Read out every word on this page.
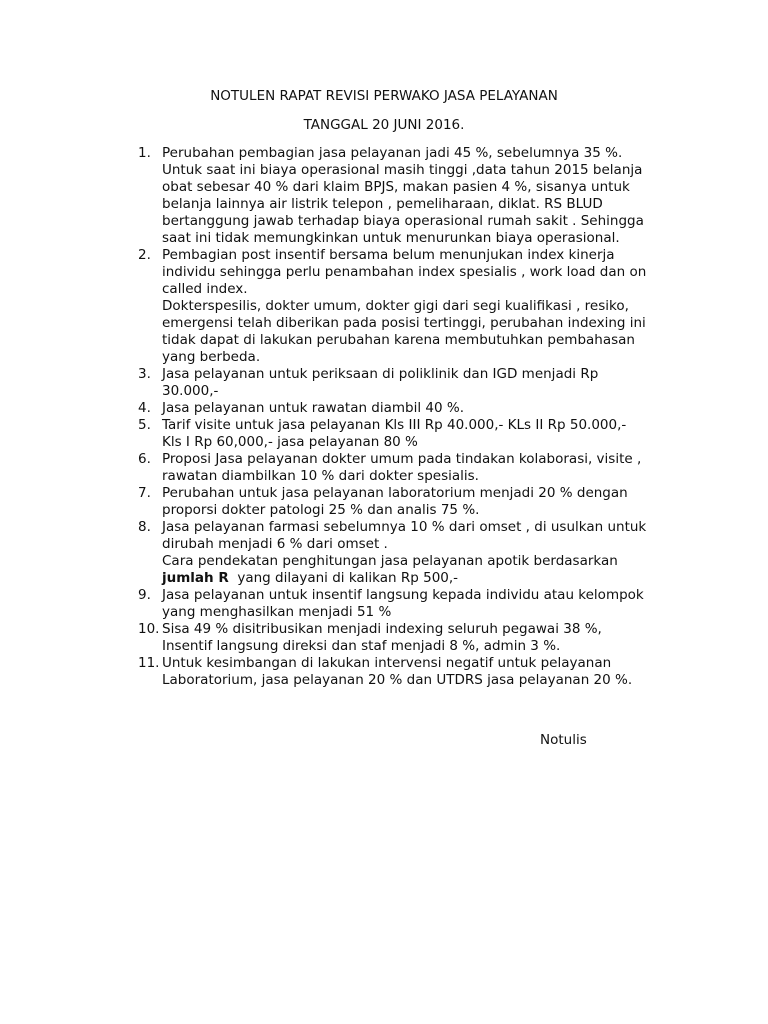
NOTULEN RAPAT REVISI PERWAKO JASA PELAYANAN
TANGGAL 20 JUNI 2016.
1. Perubahan pembagian jasa pelayanan jadi 45 %, sebelumnya 35 %.
Untuk saat ini biaya operasional masih tinggi ,data tahun 2015 belanja
obat sebesar 40 % dari klaim BPJS, makan pasien 4 %, sisanya untuk
belanja lainnya air listrik telepon , pemeliharaan, diklat. RS BLUD
bertanggung jawab terhadap biaya operasional rumah sakit . Sehingga
saat ini tidak memungkinkan untuk menurunkan biaya operasional.
2. Pembagian post insentif bersama belum menunjukan index kinerja
individu sehingga perlu penambahan index spesialis , work load dan on
called index.
Dokterspesilis, dokter umum, dokter gigi dari segi kualifikasi , resiko,
emergensi telah diberikan pada posisi tertinggi, perubahan indexing ini
tidak dapat di lakukan perubahan karena membutuhkan pembahasan
yang berbeda.
3. Jasa pelayanan untuk periksaan di poliklinik dan IGD menjadi Rp
30.000,-
4. Jasa pelayanan untuk rawatan diambil 40 %.
5. Tarif visite untuk jasa pelayanan Kls III Rp 40.000,- KLs II Rp 50.000,-
Kls I Rp 60,000,- jasa pelayanan 80 %
6. Proposi Jasa pelayanan dokter umum pada tindakan kolaborasi, visite ,
rawatan diambilkan 10 % dari dokter spesialis.
7. Perubahan untuk jasa pelayanan laboratorium menjadi 20 % dengan
proporsi dokter patologi 25 % dan analis 75 %.
8. Jasa pelayanan farmasi sebelumnya 10 % dari omset , di usulkan untuk
dirubah menjadi 6 % dari omset .
Cara pendekatan penghitungan jasa pelayanan apotik berdasarkan
jumlah R  yang dilayani di kalikan Rp 500,-
9. Jasa pelayanan untuk insentif langsung kepada individu atau kelompok
yang menghasilkan menjadi 51 %
10. Sisa 49 % disitribusikan menjadi indexing seluruh pegawai 38 %,
Insentif langsung direksi dan staf menjadi 8 %, admin 3 %.
11. Untuk kesimbangan di lakukan intervensi negatif untuk pelayanan
Laboratorium, jasa pelayanan 20 % dan UTDRS jasa pelayanan 20 %.
Notulis
